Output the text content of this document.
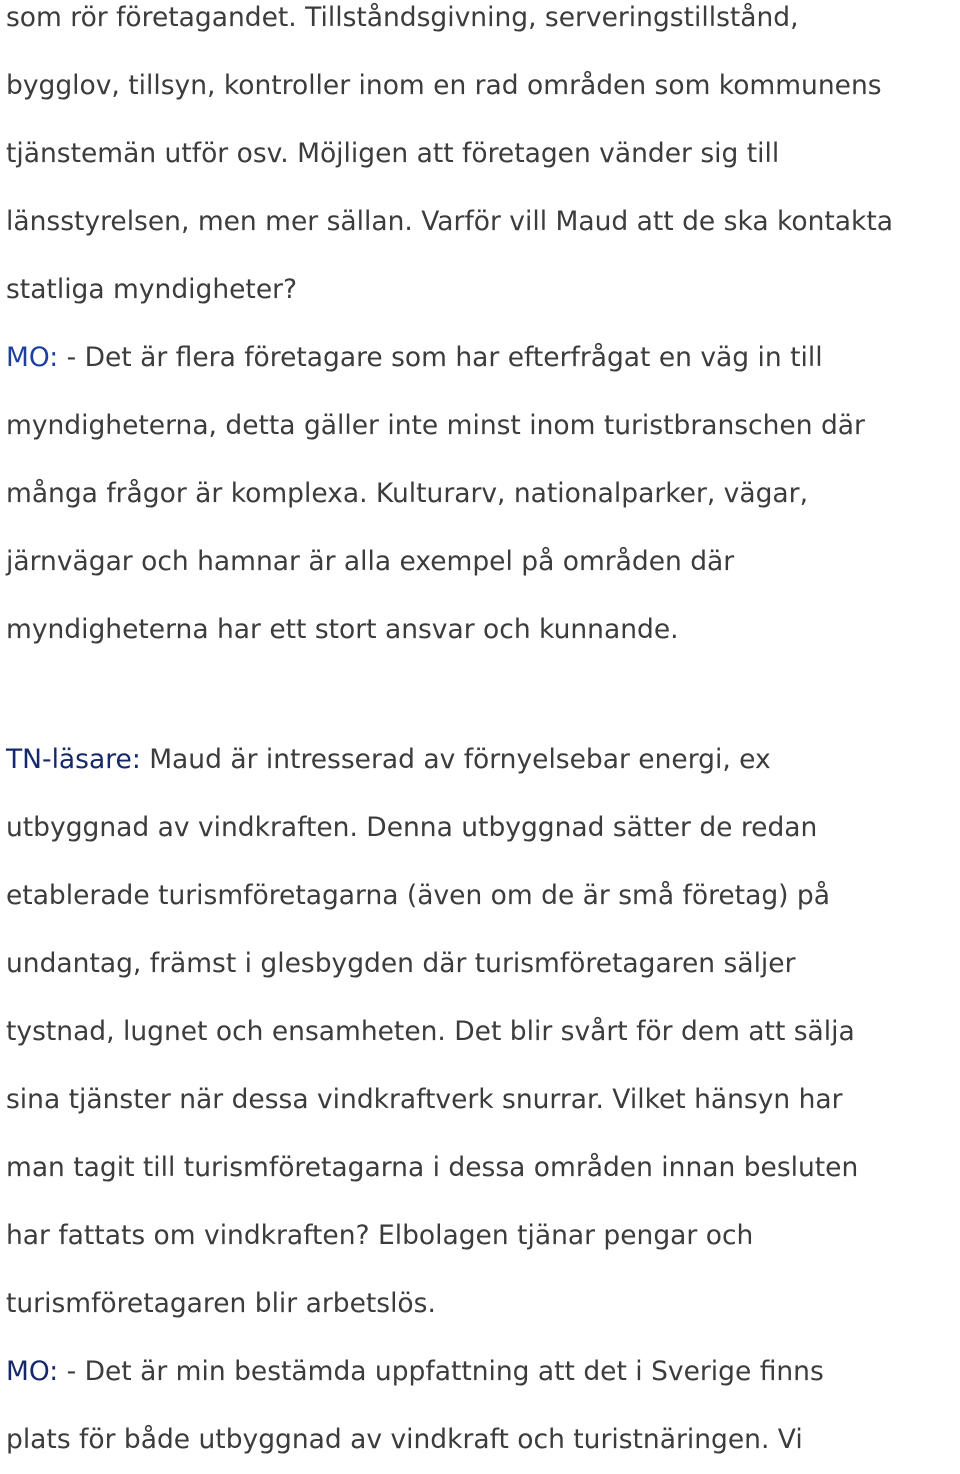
som rör företagandet. Tillståndsgivning, serveringstillstånd,
bygglov, tillsyn, kontroller inom en rad områden som kommunens
tjänstemän utför osv. Möjligen att företagen vänder sig till
länsstyrelsen, men mer sällan. Varför vill Maud att de ska kontakta
statliga myndigheter?
MO: - Det är flera företagare som har efterfrågat en väg in till
myndigheterna, detta gäller inte minst inom turistbranschen där
många frågor är komplexa. Kulturarv, nationalparker, vägar,
järnvägar och hamnar är alla exempel på områden där
myndigheterna har ett stort ansvar och kunnande.
TN-läsare: Maud är intresserad av förnyelsebar energi, ex
utbyggnad av vindkraften. Denna utbyggnad sätter de redan
etablerade turismföretagarna (även om de är små företag) på
undantag, främst i glesbygden där turismföretagaren säljer
tystnad, lugnet och ensamheten. Det blir svårt för dem att sälja
sina tjänster när dessa vindkraftverk snurrar. Vilket hänsyn har
man tagit till turismföretagarna i dessa områden innan besluten
har fattats om vindkraften? Elbolagen tjänar pengar och
turismföretagaren blir arbetslös.
MO: - Det är min bestämda uppfattning att det i Sverige finns
plats för både utbyggnad av vindkraft och turistnäringen. Vi
